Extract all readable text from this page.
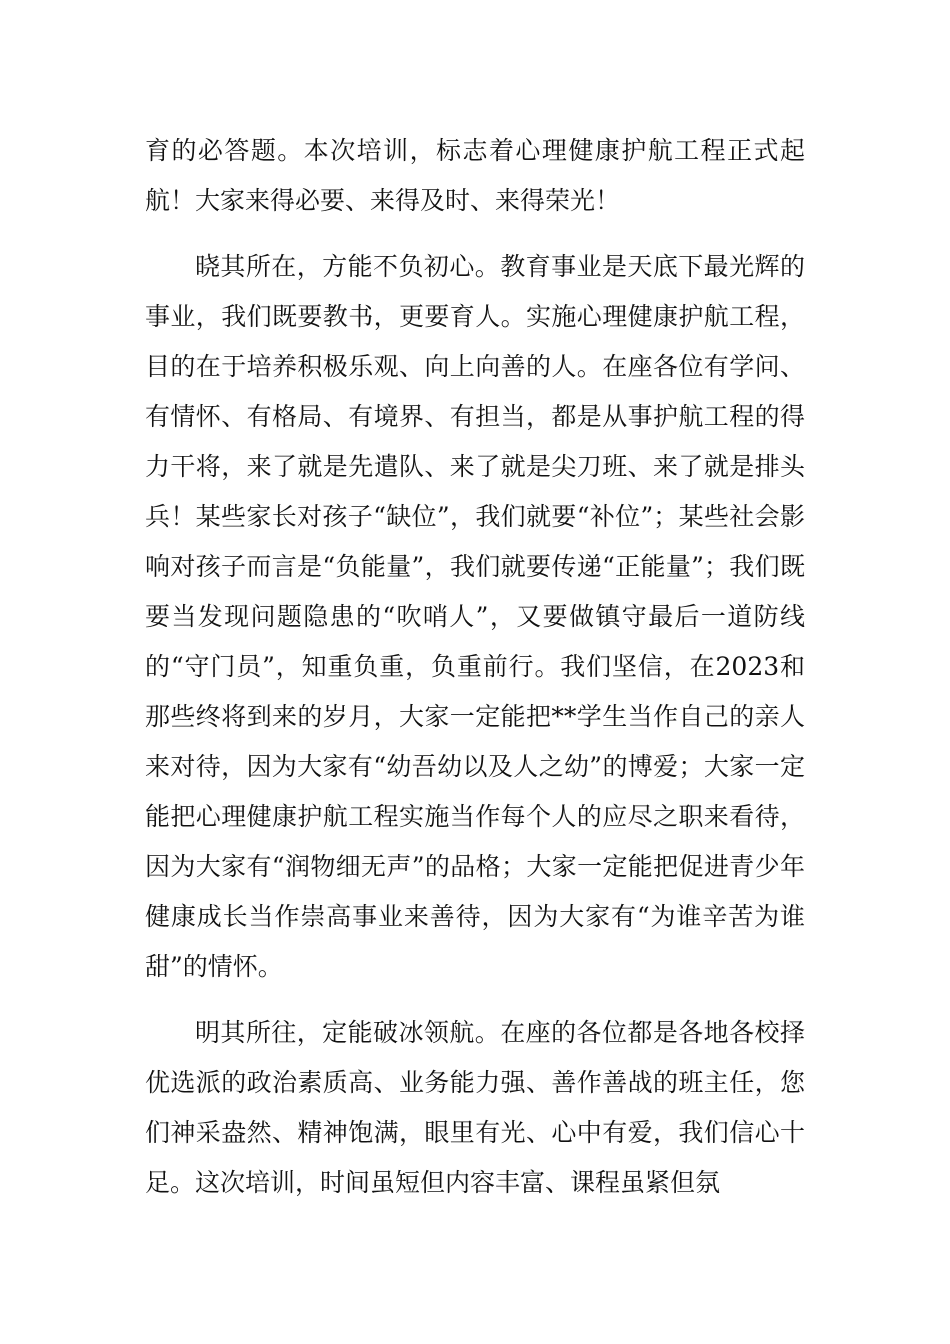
育的必答题。本次培训，标志着心理健康护航工程正式起航！大家来得必要、来得及时、来得荣光！

晓其所在，方能不负初心。教育事业是天底下最光辉的事业，我们既要教书，更要育人。实施心理健康护航工程，目的在于培养积极乐观、向上向善的人。在座各位有学问、有情怀、有格局、有境界、有担当，都是从事护航工程的得力干将，来了就是先遣队、来了就是尖刀班、来了就是排头兵！某些家长对孩子“缺位”，我们就要“补位”；某些社会影响对孩子而言是“负能量”，我们就要传递“正能量”；我们既要当发现问题隐患的“吹哨人”，又要做镇守最后一道防线的“守门员”，知重负重，负重前行。我们坚信，在2023和那些终将到来的岁月，大家一定能把**学生当作自己的亲人来对待，因为大家有“幼吾幼以及人之幼”的博爱；大家一定能把心理健康护航工程实施当作每个人的应尽之职来看待，因为大家有“润物细无声”的品格；大家一定能把促进青少年健康成长当作崇高事业来善待，因为大家有“为谁辛苦为谁甜”的情怀。

明其所往，定能破冰领航。在座的各位都是各地各校择优选派的政治素质高、业务能力强、善作善战的班主任，您们神采盎然、精神饱满，眼里有光、心中有爱，我们信心十足。这次培训，时间虽短但内容丰富、课程虽紧但氛
